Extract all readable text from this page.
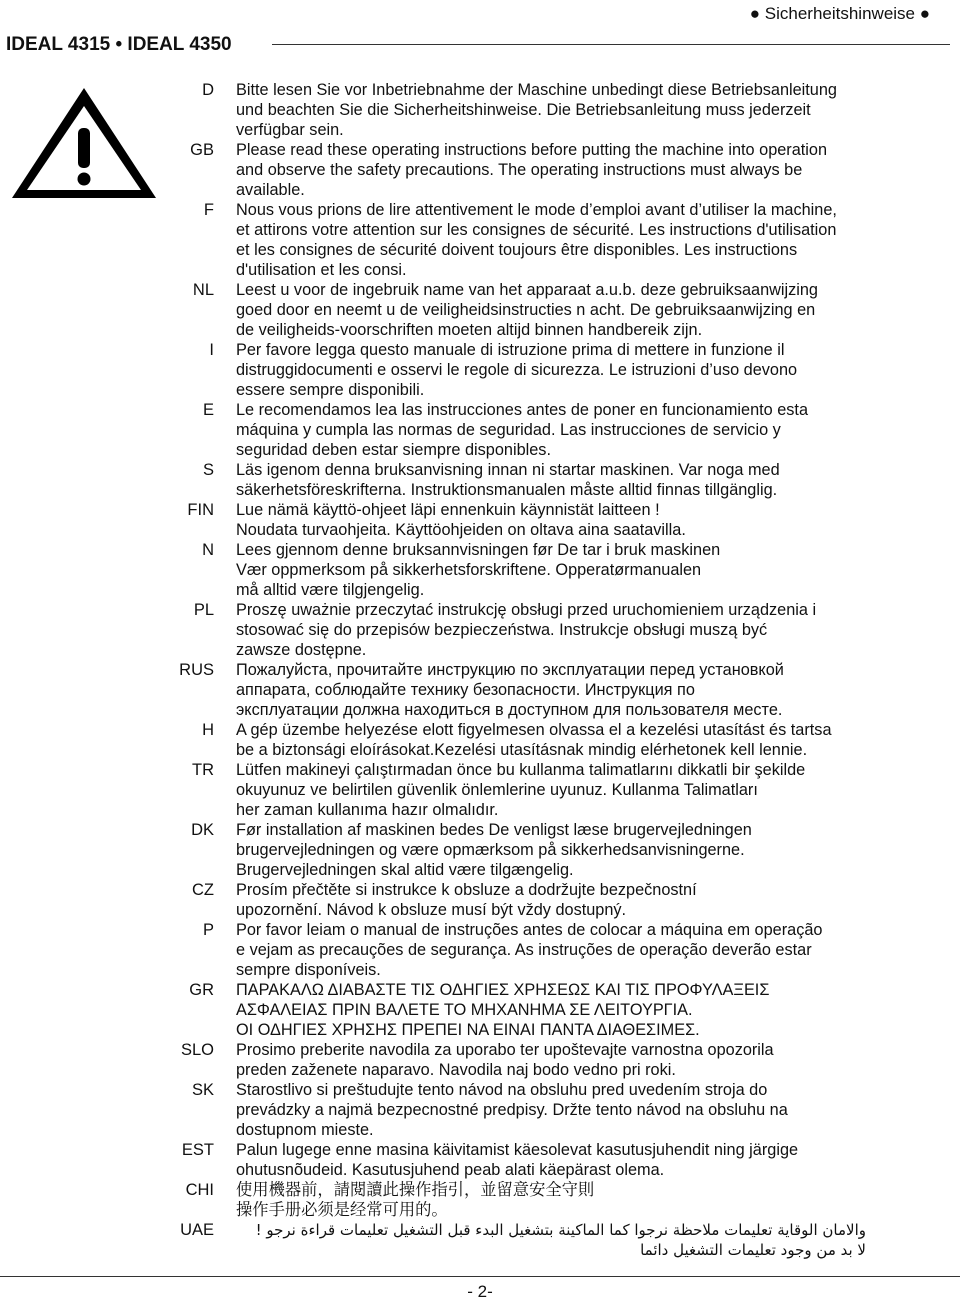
● Sicherheitshinweise ●
IDEAL 4315 • IDEAL 4350
D Bitte lesen Sie vor Inbetriebnahme der Maschine unbedingt diese Betriebsanleitung
und beachten Sie die Sicherheitshinweise. Die Betriebsanleitung muss jederzeit
verfügbar sein.
GB Please read these operating instructions before putting the machine into operation
and observe the safety precautions. The operating instructions must always be
available.
F Nous vous prions de lire attentivement le mode d’emploi avant d’utiliser la machine,
et attirons votre attention sur les consignes de sécurité. Les instructions d'utilisation
et les consignes de sécurité doivent toujours être disponibles. Les instructions
d'utilisation et les consi.
NL Leest u voor de ingebruik name van het apparaat a.u.b. deze gebruiksaanwijzing
goed door en neemt u de veiligheidsinstructies n acht. De gebruiksaanwijzing en
de veiligheids-voorschriften moeten altijd binnen handbereik zijn.
I Per favore legga questo manuale di istruzione prima di mettere in funzione il
distruggidocumenti e osservi le regole di sicurezza. Le istruzioni d’uso devono
essere sempre disponibili.
E Le recomendamos lea las instrucciones antes de poner en funcionamiento esta
máquina y cumpla las normas de seguridad. Las instrucciones de servicio y
seguridad deben estar siempre disponibles.
S Läs igenom denna bruksanvisning innan ni startar maskinen. Var noga med
säkerhetsföreskrifterna. Instruktionsmanualen måste alltid finnas tillgänglig.
FIN Lue nämä käyttö-ohjeet läpi ennenkuin käynnistät laitteen !
Noudata turvaohjeita. Käyttöohjeiden on oltava aina saatavilla.
N Lees gjennom denne bruksannvisningen før De tar i bruk maskinen
Vær oppmerksom på sikkerhetsforskriftene. Opperatørmanualen
må alltid være tilgjengelig.
PL Proszę uważnie przeczytać instrukcję obsługi przed uruchomieniem urządzenia i
stosować się do przepisów bezpieczeństwa. Instrukcje obsługi muszą być
zawsze dostępne.
RUS Пожалуйста, прочитайте инструкцию по эксплуатации перед установкой
аппарата, соблюдайте технику безопасности. Инструкция по
эксплуатации должна находиться в доступном для пользователя месте.
H A gép üzembe helyezése elott figyelmesen olvassa el a kezelési utasítást és tartsa
be a biztonsági eloírásokat.Kezelési utasításnak mindig elérhetonek kell lennie.
TR Lütfen makineyi çalıştırmadan önce bu kullanma talimatlarını dikkatli bir şekilde
okuyunuz ve belirtilen güvenlik önlemlerine uyunuz. Kullanma Talimatları
her zaman kullanıma hazır olmalıdır.
DK Før installation af maskinen bedes De venligst læse brugervejledningen
brugervejledningen og være opmærksom på sikkerhedsanvisningerne.
Brugervejledningen skal altid være tilgængelig.
CZ Prosím přečtěte si instrukce k obsluze a dodržujte bezpečnostní
upozornění. Návod k obsluze musí být vždy dostupný.
P Por favor leiam o manual de instruções antes de colocar a máquina em operação
e vejam as precauções de segurança. As instruções de operação deverão estar
sempre disponíveis.
GR ΠΑΡΑΚΑΛΩ ΔΙΑΒΑΣΤΕ ΤΙΣ ΟΔΗΓΙΕΣ ΧΡΗΣΕΩΣ ΚΑΙ ΤΙΣ ΠΡΟΦΥΛΑΞΕΙΣ
ΑΣΦΑΛΕΙΑΣ ΠΡΙΝ ΒΑΛΕΤΕ ΤΟ ΜΗΧΑΝΗΜΑ ΣΕ ΛΕΙΤΟΥΡΓΙΑ.
ΟΙ ΟΔΗΓΙΕΣ ΧΡΗΣΗΣ ΠΡΕΠΕΙ ΝΑ ΕΙΝΑΙ ΠΑΝΤΑ ΔΙΑΘΕΣΙΜΕΣ.
SLO Prosimo preberite navodila za uporabo ter upoštevajte varnostna opozorila
preden zaženete naparavo. Navodila naj bodo vedno pri roki.
SK Starostlivo si preštudujte tento návod na obsluhu pred uvedením stroja do
prevádzky a najmä bezpecnostné predpisy. Držte tento návod na obsluhu na
dostupnom mieste.
EST Palun lugege enne masina käivitamist käesolevat kasutusjuhendit ning järgige
ohutusnõudeid. Kasutusjuhend peab alati käepärast olema.
CHI 使用機器前，請閱讀此操作指引，並留意安全守則
操作手册必须是经常可用的。
UAE	والامان الوقاية تعليمات ملاحظة نرجوا كما الماكينة بتشغيل البدء قبل التشغيل تعليمات قراءة نرجو !
لا بد من وجود تعليمات التشغيل دائما
- 2-
